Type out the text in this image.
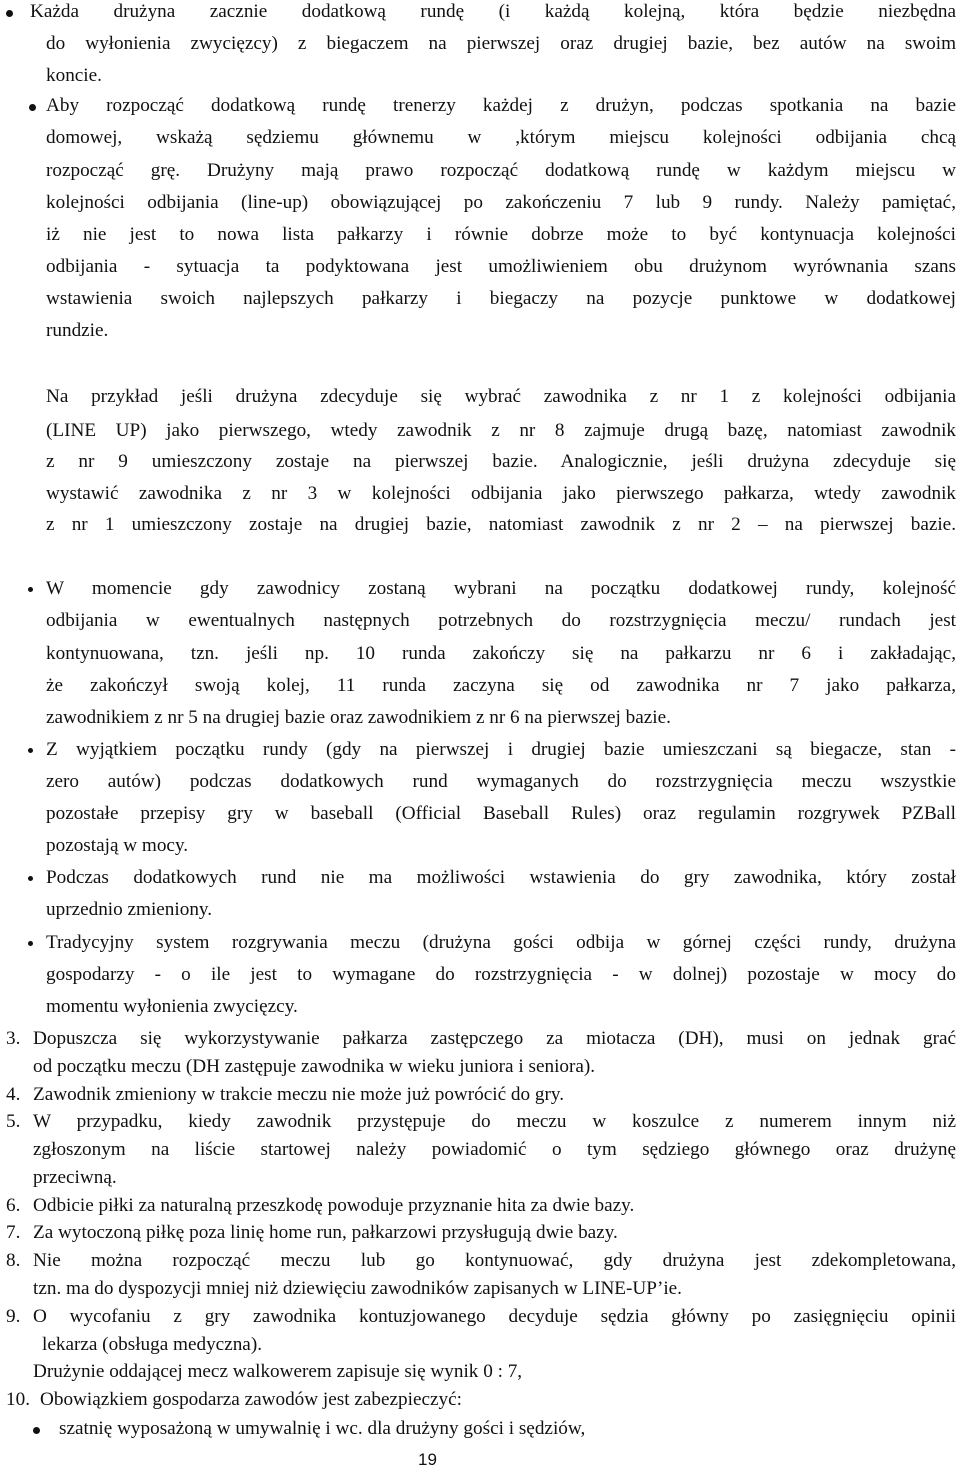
Każda drużyna zacznie dodatkową rundę (i każdą kolejną, która będzie niezbędna
do wyłonienia zwycięzcy) z biegaczem na pierwszej oraz drugiej bazie, bez autów na swoim
koncie.
Aby rozpocząć dodatkową rundę trenerzy każdej z drużyn, podczas spotkania na bazie
domowej, wskażą sędziemu głównemu w ,którym miejscu kolejności odbijania chcą
rozpocząć grę. Drużyny mają prawo rozpocząć dodatkową rundę w każdym miejscu w
kolejności odbijania (line-up) obowiązującej po zakończeniu 7 lub 9 rundy. Należy pamiętać,
iż nie jest to nowa lista pałkarzy i równie dobrze może to być kontynuacja kolejności
odbijania - sytuacja ta podyktowana jest umożliwieniem obu drużynom wyrównania szans
wstawienia swoich najlepszych pałkarzy i biegaczy na pozycje punktowe w dodatkowej
rundzie.
Na przykład jeśli drużyna zdecyduje się wybrać zawodnika z nr 1 z kolejności odbijania
(LINE UP) jako pierwszego, wtedy zawodnik z nr 8 zajmuje drugą bazę, natomiast zawodnik
z nr 9 umieszczony zostaje na pierwszej bazie. Analogicznie, jeśli drużyna zdecyduje się
wystawić zawodnika z nr 3 w kolejności odbijania jako pierwszego pałkarza, wtedy zawodnik
z nr 1 umieszczony zostaje na drugiej bazie, natomiast zawodnik z nr 2 – na pierwszej bazie.
W momencie gdy zawodnicy zostaną wybrani na początku dodatkowej rundy, kolejność
odbijania w ewentualnych następnych potrzebnych do rozstrzygnięcia meczu/ rundach jest
kontynuowana, tzn. jeśli np. 10 runda zakończy się na pałkarzu nr 6 i zakładając,
że zakończył swoją kolej, 11 runda zaczyna się od zawodnika nr 7 jako pałkarza,
zawodnikiem z nr 5 na drugiej bazie oraz zawodnikiem z nr 6 na pierwszej bazie.
Z wyjątkiem początku rundy (gdy na pierwszej i drugiej bazie umieszczani są biegacze, stan -
zero autów) podczas dodatkowych rund wymaganych do rozstrzygnięcia meczu wszystkie
pozostałe przepisy gry w baseball (Official Baseball Rules) oraz regulamin rozgrywek PZBall
pozostają w mocy.
Podczas dodatkowych rund nie ma możliwości wstawienia do gry zawodnika, który został
uprzednio zmieniony.
Tradycyjny system rozgrywania meczu (drużyna gości odbija w górnej części rundy, drużyna
gospodarzy - o ile jest to wymagane do rozstrzygnięcia - w dolnej) pozostaje w mocy do
momentu wyłonienia zwycięzcy.
3. Dopuszcza się wykorzystywanie pałkarza zastępczego za miotacza (DH), musi on jednak grać
od początku meczu (DH zastępuje zawodnika w wieku juniora i seniora).
4. Zawodnik zmieniony w trakcie meczu nie może już powrócić do gry.
5. W przypadku, kiedy zawodnik przystępuje do meczu w koszulce z numerem innym niż
zgłoszonym na liście startowej należy powiadomić o tym sędziego głównego oraz drużynę
przeciwną.
6. Odbicie piłki za naturalną przeszkodę powoduje przyznanie hita za dwie bazy.
7. Za wytoczoną piłkę poza linię home run, pałkarzowi przysługują dwie bazy.
8. Nie można rozpocząć meczu lub go kontynuować, gdy drużyna jest zdekompletowana,
tzn. ma do dyspozycji mniej niż dziewięciu zawodników zapisanych w LINE-UP’ie.
9. O wycofaniu z gry zawodnika kontuzjowanego decyduje sędzia główny po zasięgnięciu opinii
lekarza (obsługa medyczna).
Drużynie oddającej mecz walkowerem zapisuje się wynik 0 : 7,
10. Obowiązkiem gospodarza zawodów jest zabezpieczyć:
szatnię wyposażoną w umywalnię i wc. dla drużyny gości i sędziów,
19
